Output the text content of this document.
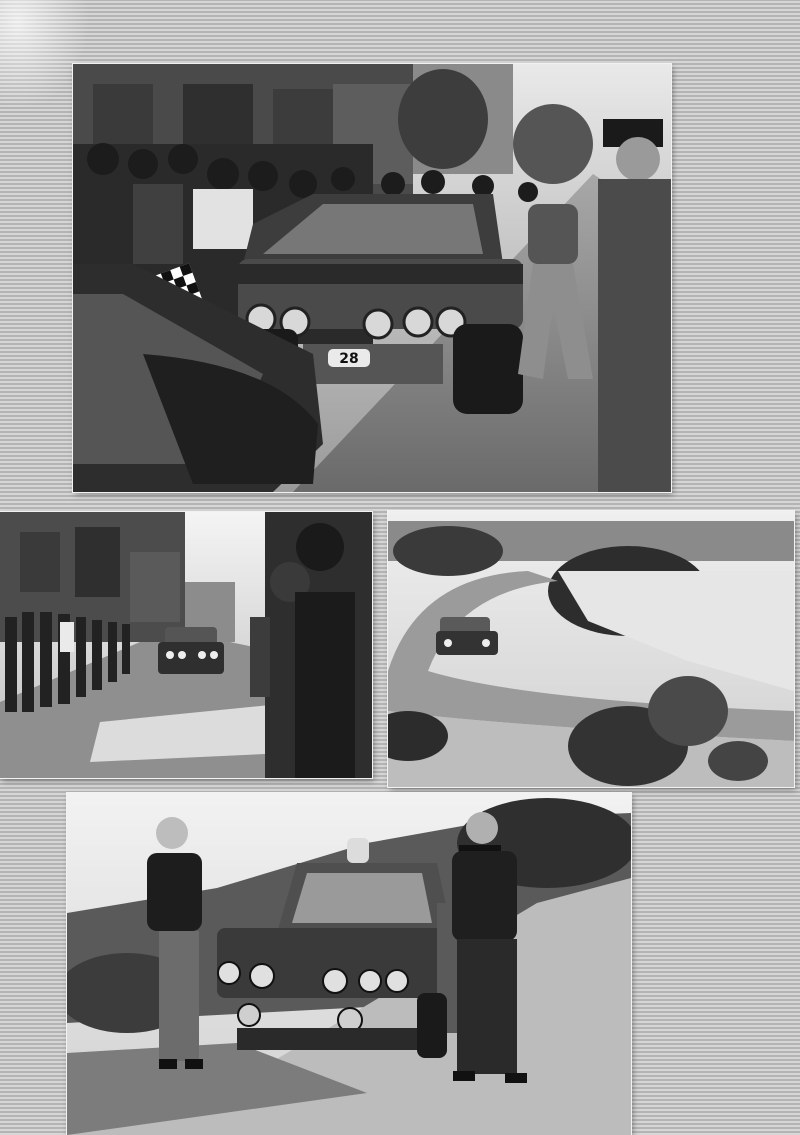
28
